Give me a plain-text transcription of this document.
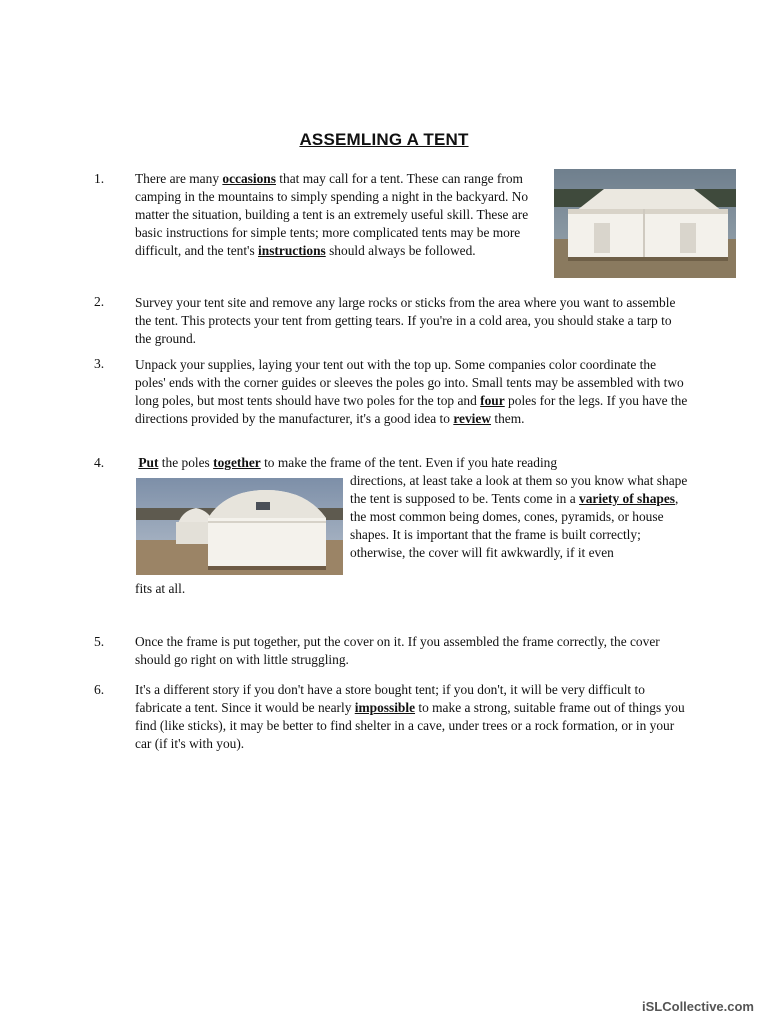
ASSEMLING A TENT
1. There are many occasions that may call for a tent. These can range from camping in the mountains to simply spending a night in the backyard. No matter the situation, building a tent is an extremely useful skill. These are basic instructions for simple tents; more complicated tents may be more difficult, and the tent's instructions should always be followed.
2. Survey your tent site and remove any large rocks or sticks from the area where you want to assemble the tent. This protects your tent from getting tears. If you're in a cold area, you should stake a tarp to the ground.
3. Unpack your supplies, laying your tent out with the top up. Some companies color coordinate the poles' ends with the corner guides or sleeves the poles go into. Small tents may be assembled with two long poles, but most tents should have two poles for the top and four poles for the legs. If you have the directions provided by the manufacturer, it's a good idea to review them.
4.	Put the poles together to make the frame of the tent. Even if you hate reading
directions, at least take a look at them so you know what shape the tent is supposed to be. Tents come in a variety of shapes, the most common being domes, cones, pyramids, or house shapes. It is important that the frame is built correctly; otherwise, the cover will fit awkwardly, if it even
fits at all.
5. Once the frame is put together, put the cover on it. If you assembled the frame correctly, the cover should go right on with little struggling.
6. It's a different story if you don't have a store bought tent; if you don't, it will be very difficult to fabricate a tent. Since it would be nearly impossible to make a strong, suitable frame out of things you find (like sticks), it may be better to find shelter in a cave, under trees or a rock formation, or in your car (if it's with you).
iSLCollective.com
